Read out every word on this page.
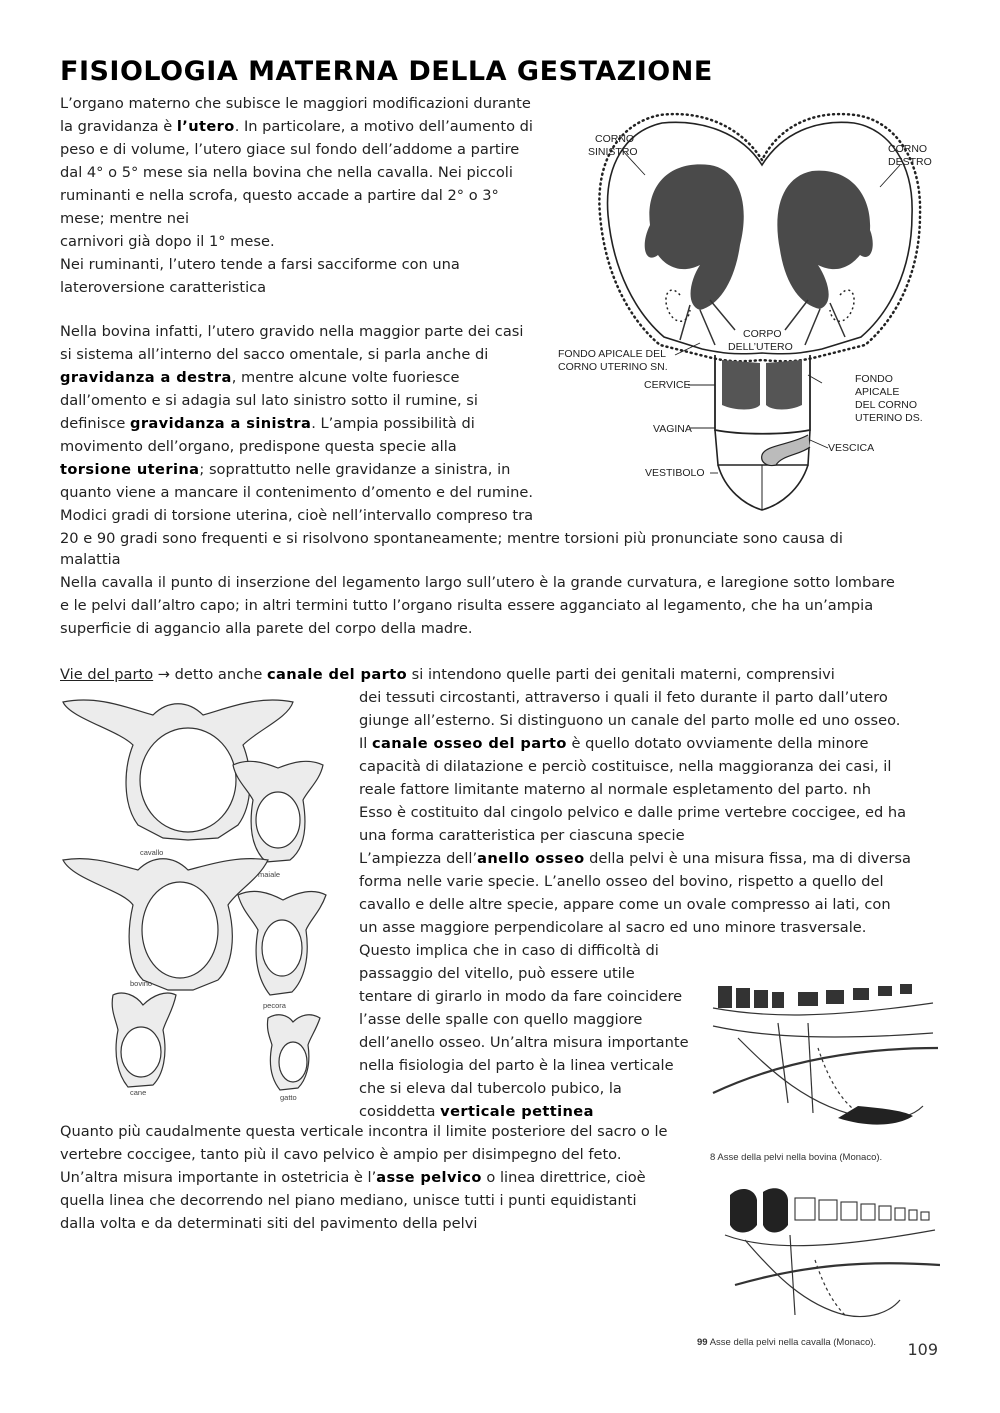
FISIOLOGIA MATERNA DELLA GESTAZIONE
L’organo materno che subisce le maggiori modificazioni durante
la gravidanza è l’utero. In particolare, a motivo dell’aumento di
peso e di volume, l’utero giace sul fondo dell’addome a partire
dal 4° o 5° mese sia nella bovina che nella cavalla. Nei piccoli
ruminanti e nella scrofa, questo accade a partire dal 2° o 3°
mese; mentre nei
carnivori già dopo il 1° mese.
Nei ruminanti, l’utero tende a farsi sacciforme con una
lateroversione caratteristica
Nella bovina infatti, l’utero gravido nella maggior parte dei casi
si sistema all’interno del sacco omentale, si parla anche di
gravidanza a destra, mentre alcune volte fuoriesce
dall’omento e si adagia sul lato sinistro sotto il rumine, si
definisce gravidanza a sinistra. L’ampia possibilità di
movimento dell’organo, predispone questa specie alla
torsione uterina; soprattutto nelle gravidanze a sinistra, in
quanto viene a mancare il contenimento d’omento e del rumine.
Modici gradi di torsione uterina, cioè nell’intervallo compreso tra
20 e 90 gradi sono frequenti e si risolvono spontaneamente; mentre torsioni più pronunciate sono causa di
malattia
Nella cavalla il punto di inserzione del legamento largo sull’utero è la grande curvatura, e laregione sotto lombare
e le pelvi dall’altro capo; in altri termini tutto l’organo risulta essere agganciato al legamento, che ha un’ampia
superficie di aggancio alla parete del corpo della madre.
Vie del parto → detto anche canale del parto si intendono quelle parti dei genitali materni, comprensivi
dei tessuti circostanti, attraverso i quali il feto durante il parto dall’utero
giunge all’esterno. Si distinguono un canale del parto molle ed uno osseo.
Il canale osseo del parto è quello dotato ovviamente della minore
capacità di dilatazione e perciò costituisce, nella maggioranza dei casi, il
reale fattore limitante materno al normale espletamento del parto. nh
Esso è costituito dal cingolo pelvico e dalle prime vertebre coccigee, ed ha
una forma caratteristica per ciascuna specie
L’ampiezza dell’anello osseo della pelvi è una misura fissa, ma di diversa
forma nelle varie specie. L’anello osseo del bovino, rispetto a quello del
cavallo e delle altre specie, appare come un ovale compresso ai lati, con
un asse maggiore perpendicolare al sacro ed uno minore trasversale.
Questo implica che in caso di difficoltà di
passaggio del vitello, può essere utile
tentare di girarlo in modo da fare coincidere
l’asse delle spalle con quello maggiore
dell’anello osseo. Un’altra misura importante
nella fisiologia del parto è la linea verticale
che si eleva dal tubercolo pubico, la
cosiddetta verticale pettinea
Quanto più caudalmente questa verticale incontra il limite posteriore del sacro o le
vertebre coccigee, tanto più il cavo pelvico è ampio per disimpegno del feto.
Un’altra misura importante in ostetricia è l’asse pelvico o linea direttrice, cioè
quella linea che decorrendo nel piano mediano, unisce tutti i punti equidistanti
dalla volta e da determinati siti del pavimento della pelvi
CORNO
SINISTRO	CORNO
DESTRO
CORPO
DELL’UTERO
FONDO APICALE DEL
CORNO UTERINO SN.
CERVICE	FONDO
APICALE
DEL CORNO
UTERINO DS.
VAGINA
VESCICA
VESTIBOLO
cavallo
maiale
bovino
pecora
cane
gatto
8 Asse della pelvi nella bovina (Monaco).
99 Asse della pelvi nella cavalla (Monaco). 109
